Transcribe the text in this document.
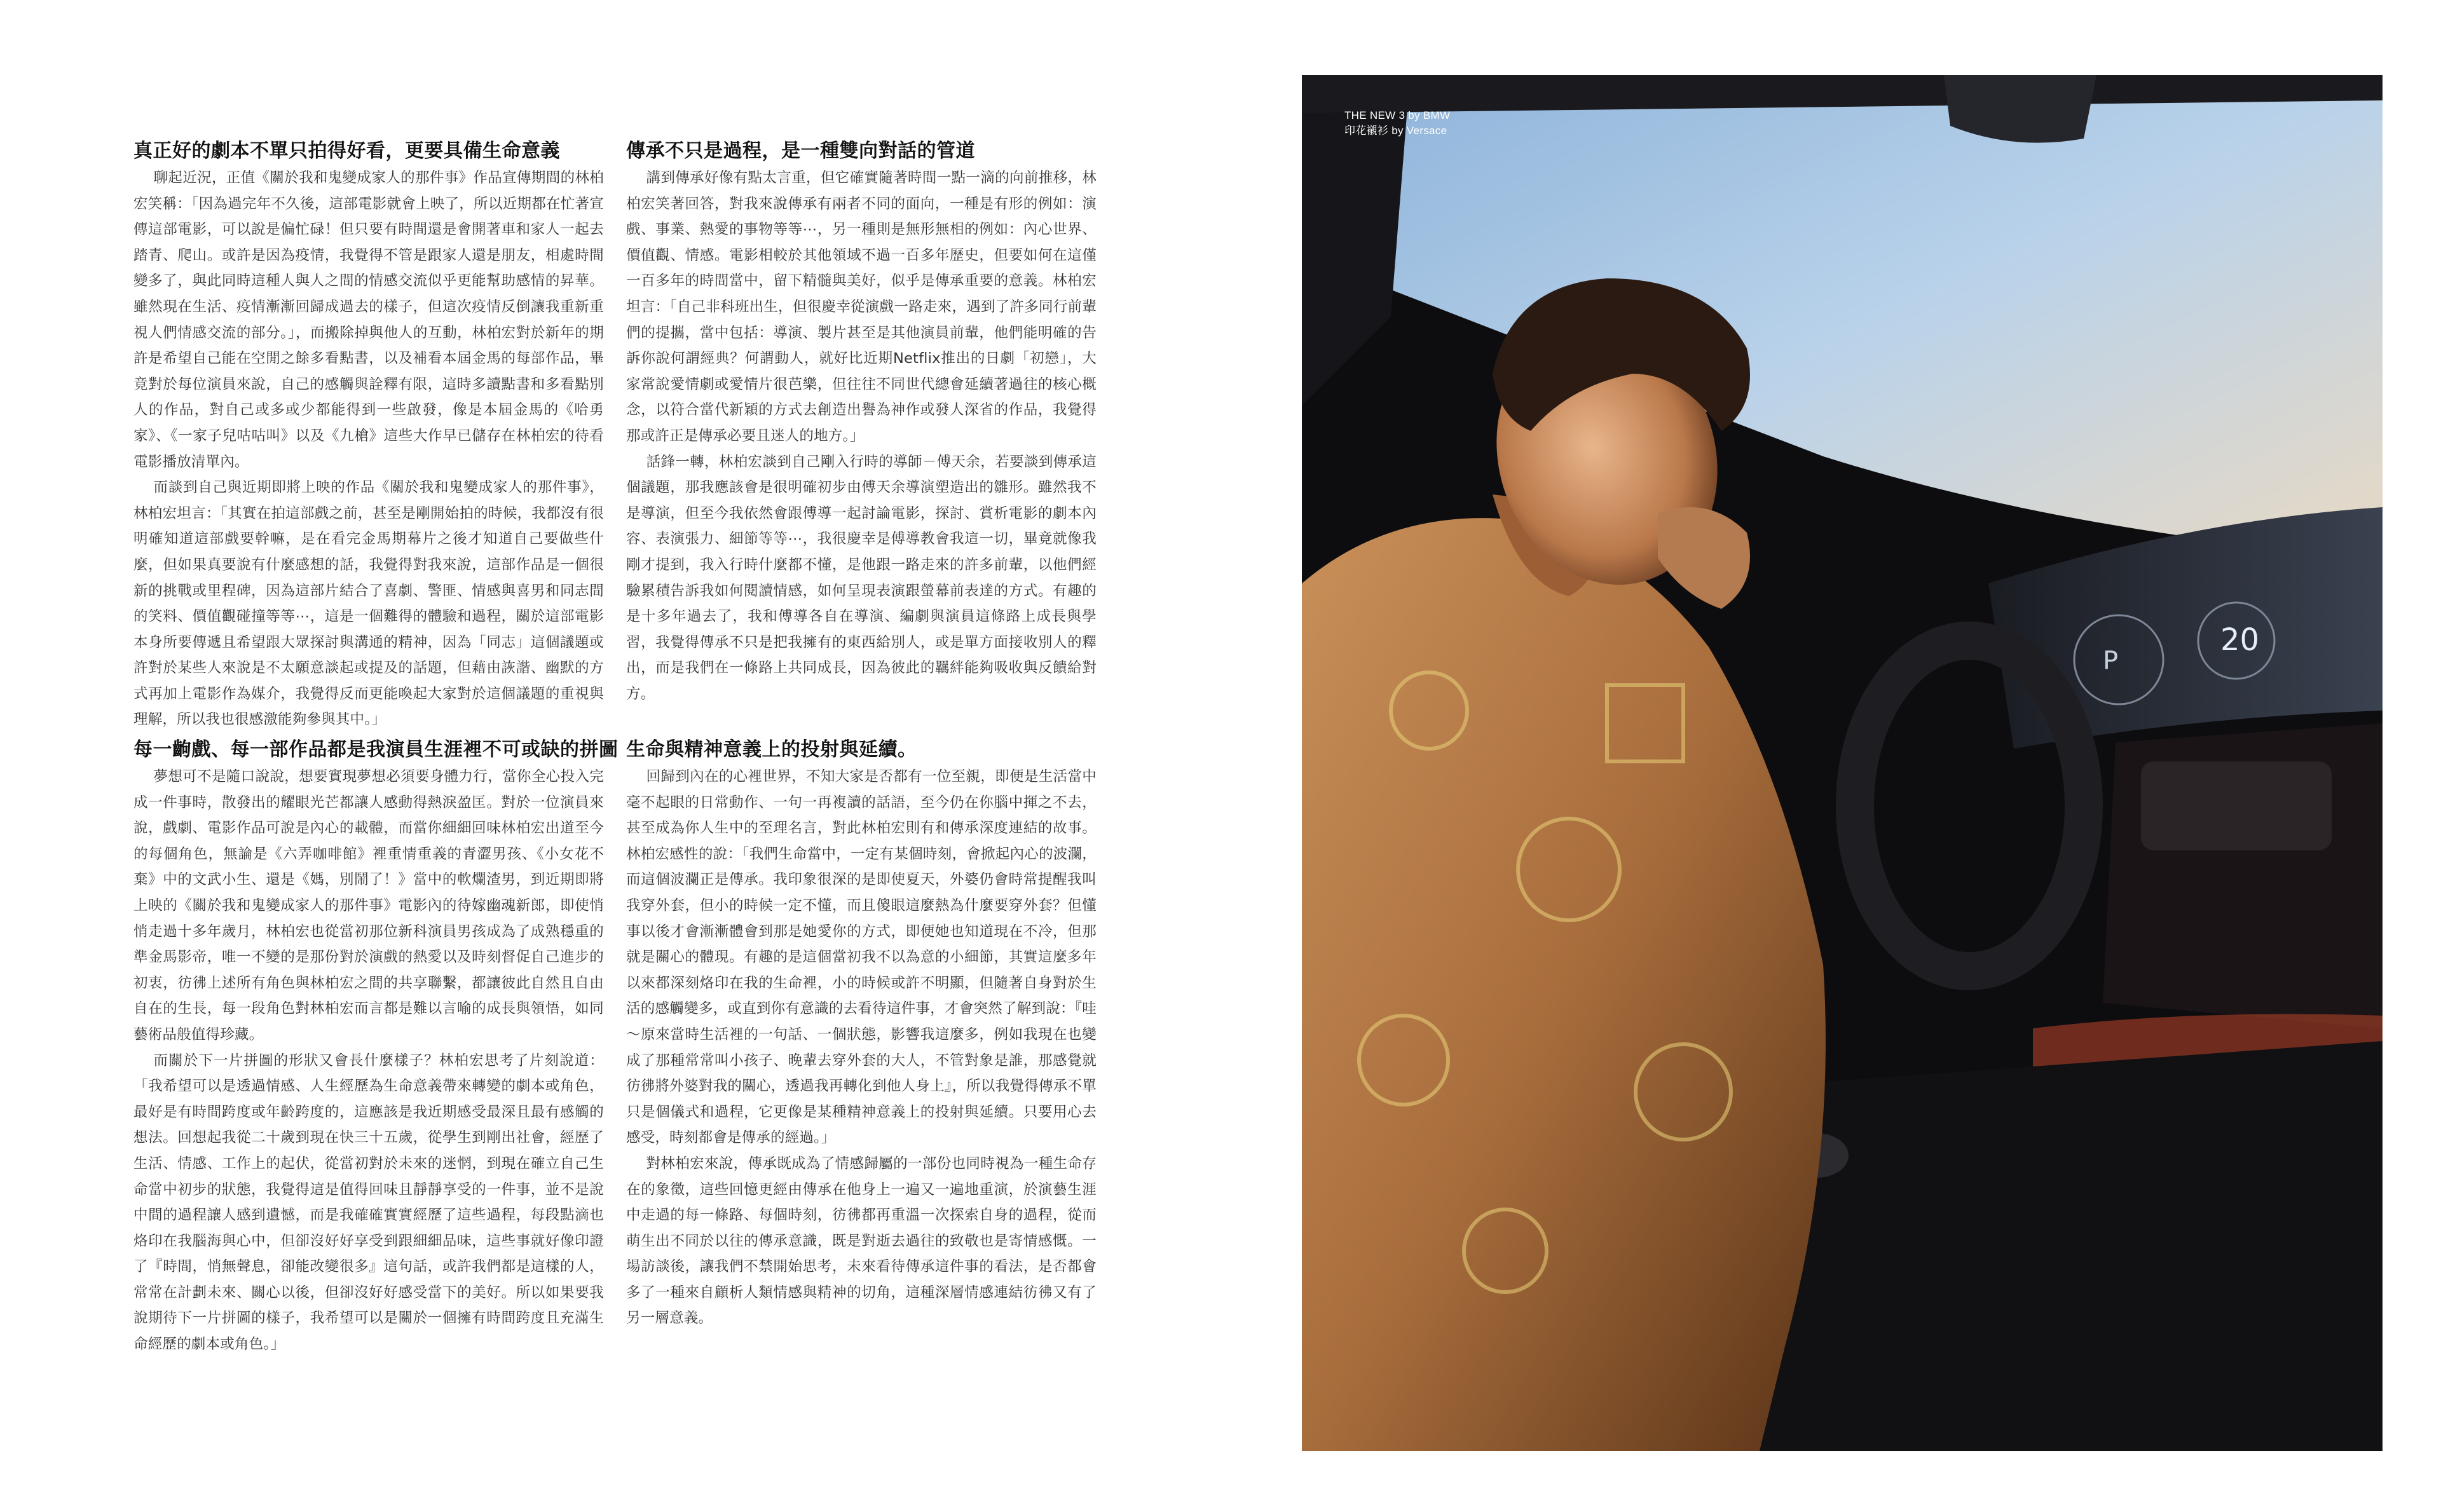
真正好的劇本不單只拍得好看，更要具備生命意義

聊起近況，正值《關於我和鬼變成家人的那件事》作品宣傳期間的林柏宏笑稱：「因為過完年不久後，這部電影就會上映了，所以近期都在忙著宣傳這部電影，可以說是偏忙碌！但只要有時間還是會開著車和家人一起去踏青、爬山。或許是因為疫情，我覺得不管是跟家人還是朋友，相處時間變多了，與此同時這種人與人之間的情感交流似乎更能幫助感情的昇華。雖然現在生活、疫情漸漸回歸成過去的樣子，但這次疫情反倒讓我重新重視人們情感交流的部分。」，而搬除掉與他人的互動，林柏宏對於新年的期許是希望自己能在空閒之餘多看點書，以及補看本屆金馬的每部作品，畢竟對於每位演員來說，自己的感觸與詮釋有限，這時多讀點書和多看點別人的作品，對自己或多或少都能得到一些啟發，像是本屆金馬的《哈勇家》、《一家子兒咕咕叫》以及《九槍》這些大作早已儲存在林柏宏的待看電影播放清單內。

而談到自己與近期即將上映的作品《關於我和鬼變成家人的那件事》，林柏宏坦言：「其實在拍這部戲之前，甚至是剛開始拍的時候，我都沒有很明確知道這部戲要幹嘛，是在看完金馬期幕片之後才知道自己要做些什麼，但如果真要說有什麼感想的話，我覺得對我來說，這部作品是一個很新的挑戰或里程碑，因為這部片結合了喜劇、警匪、情感與喜男和同志間的笑料、價值觀碰撞等等⋯，這是一個難得的體驗和過程，關於這部電影本身所要傳遞且希望跟大眾探討與溝通的精神，因為「同志」這個議題或許對於某些人來說是不太願意談起或提及的話題，但藉由詼諧、幽默的方式再加上電影作為媒介，我覺得反而更能喚起大家對於這個議題的重視與理解，所以我也很感激能夠參與其中。」

每一齣戲、每一部作品都是我演員生涯裡不可或缺的拼圖

夢想可不是隨口說說，想要實現夢想必須要身體力行，當你全心投入完成一件事時，散發出的耀眼光芒都讓人感動得熱淚盈匡。對於一位演員來說，戲劇、電影作品可說是內心的載體，而當你細細回味林柏宏出道至今的每個角色，無論是《六弄咖啡館》裡重情重義的青澀男孩、《小女花不棄》中的文武小生、還是《媽，別鬧了！》當中的軟爛渣男，到近期即將上映的《關於我和鬼變成家人的那件事》電影內的待嫁幽魂新郎，即使悄悄走過十多年歲月，林柏宏也從當初那位新科演員男孩成為了成熟穩重的準金馬影帝，唯一不變的是那份對於演戲的熱愛以及時刻督促自己進步的初衷，彷彿上述所有角色與林柏宏之間的共享聯繫，都讓彼此自然且自由自在的生長，每一段角色對林柏宏而言都是難以言喻的成長與領悟，如同藝術品般值得珍藏。

而關於下一片拼圖的形狀又會長什麼樣子？林柏宏思考了片刻說道：「我希望可以是透過情感、人生經歷為生命意義帶來轉變的劇本或角色，最好是有時間跨度或年齡跨度的，這應該是我近期感受最深且最有感觸的想法。回想起我從二十歲到現在快三十五歲，從學生到剛出社會，經歷了生活、情感、工作上的起伏，從當初對於未來的迷惘，到現在確立自己生命當中初步的狀態，我覺得這是值得回味且靜靜享受的一件事，並不是說中間的過程讓人感到遺憾，而是我確確實實經歷了這些過程，每段點滴也烙印在我腦海與心中，但卻沒好好享受到跟細細品味，這些事就好像印證了『時間，悄無聲息，卻能改變很多』這句話，或許我們都是這樣的人，常常在計劃未來、關心以後，但卻沒好好感受當下的美好。所以如果要我說期待下一片拼圖的樣子，我希望可以是關於一個擁有時間跨度且充滿生命經歷的劇本或角色。」

傳承不只是過程，是一種雙向對話的管道

講到傳承好像有點太言重，但它確實隨著時間一點一滴的向前推移，林柏宏笑著回答，對我來說傳承有兩者不同的面向，一種是有形的例如：演戲、事業、熱愛的事物等等⋯，另一種則是無形無相的例如：內心世界、價值觀、情感。電影相較於其他領域不過一百多年歷史，但要如何在這僅一百多年的時間當中，留下精髓與美好，似乎是傳承重要的意義。林柏宏坦言：「自己非科班出生，但很慶幸從演戲一路走來，遇到了許多同行前輩們的提攜，當中包括：導演、製片甚至是其他演員前輩，他們能明確的告訴你說何謂經典？何謂動人，就好比近期Netflix推出的日劇「初戀」，大家常說愛情劇或愛情片很芭樂，但往往不同世代總會延續著過往的核心概念，以符合當代新穎的方式去創造出譽為神作或發人深省的作品，我覺得那或許正是傳承必要且迷人的地方。」

話鋒一轉，林柏宏談到自己剛入行時的導師－傅天余，若要談到傳承這個議題，那我應該會是很明確初步由傅天余導演塑造出的雛形。雖然我不是導演，但至今我依然會跟傅導一起討論電影，探討、賞析電影的劇本內容、表演張力、細節等等⋯，我很慶幸是傅導教會我這一切，畢竟就像我剛才提到，我入行時什麼都不懂，是他跟一路走來的許多前輩，以他們經驗累積告訴我如何閱讀情感，如何呈現表演跟螢幕前表達的方式。有趣的是十多年過去了，我和傅導各自在導演、編劇與演員這條路上成長與學習，我覺得傳承不只是把我擁有的東西給別人，或是單方面接收別人的釋出，而是我們在一條路上共同成長，因為彼此的羈絆能夠吸收與反饋給對方。

生命與精神意義上的投射與延續。

回歸到內在的心裡世界，不知大家是否都有一位至親，即便是生活當中毫不起眼的日常動作、一句一再複讀的話語，至今仍在你腦中揮之不去，甚至成為你人生中的至理名言，對此林柏宏則有和傳承深度連結的故事。林柏宏感性的說：「我們生命當中，一定有某個時刻，會掀起內心的波瀾，而這個波瀾正是傳承。我印象很深的是即使夏天，外婆仍會時常提醒我叫我穿外套，但小的時候一定不懂，而且傻眼這麼熱為什麼要穿外套？但懂事以後才會漸漸體會到那是她愛你的方式，即便她也知道現在不冷，但那就是關心的體現。有趣的是這個當初我不以為意的小細節，其實這麼多年以來都深刻烙印在我的生命裡，小的時候或許不明顯，但隨著自身對於生活的感觸變多，或直到你有意識的去看待這件事，才會突然了解到說：『哇～原來當時生活裡的一句話、一個狀態，影響我這麼多，例如我現在也變成了那種常常叫小孩子、晚輩去穿外套的大人，不管對象是誰，那感覺就彷彿將外婆對我的關心，透過我再轉化到他人身上』，所以我覺得傳承不單只是個儀式和過程，它更像是某種精神意義上的投射與延續。只要用心去感受，時刻都會是傳承的經過。」

對林柏宏來說，傳承既成為了情感歸屬的一部份也同時視為一種生命存在的象徵，這些回憶更經由傳承在他身上一遍又一遍地重演，於演藝生涯中走過的每一條路、每個時刻，彷彿都再重溫一次探索自身的過程，從而萌生出不同於以往的傳承意識，既是對逝去過往的致敬也是寄情感慨。一場訪談後，讓我們不禁開始思考，未來看待傳承這件事的看法，是否都會多了一種來自顧析人類情感與精神的切角，這種深層情感連結彷彿又有了另一層意義。

P
20
THE NEW 3 by BMW
印花襯衫 by Versace
